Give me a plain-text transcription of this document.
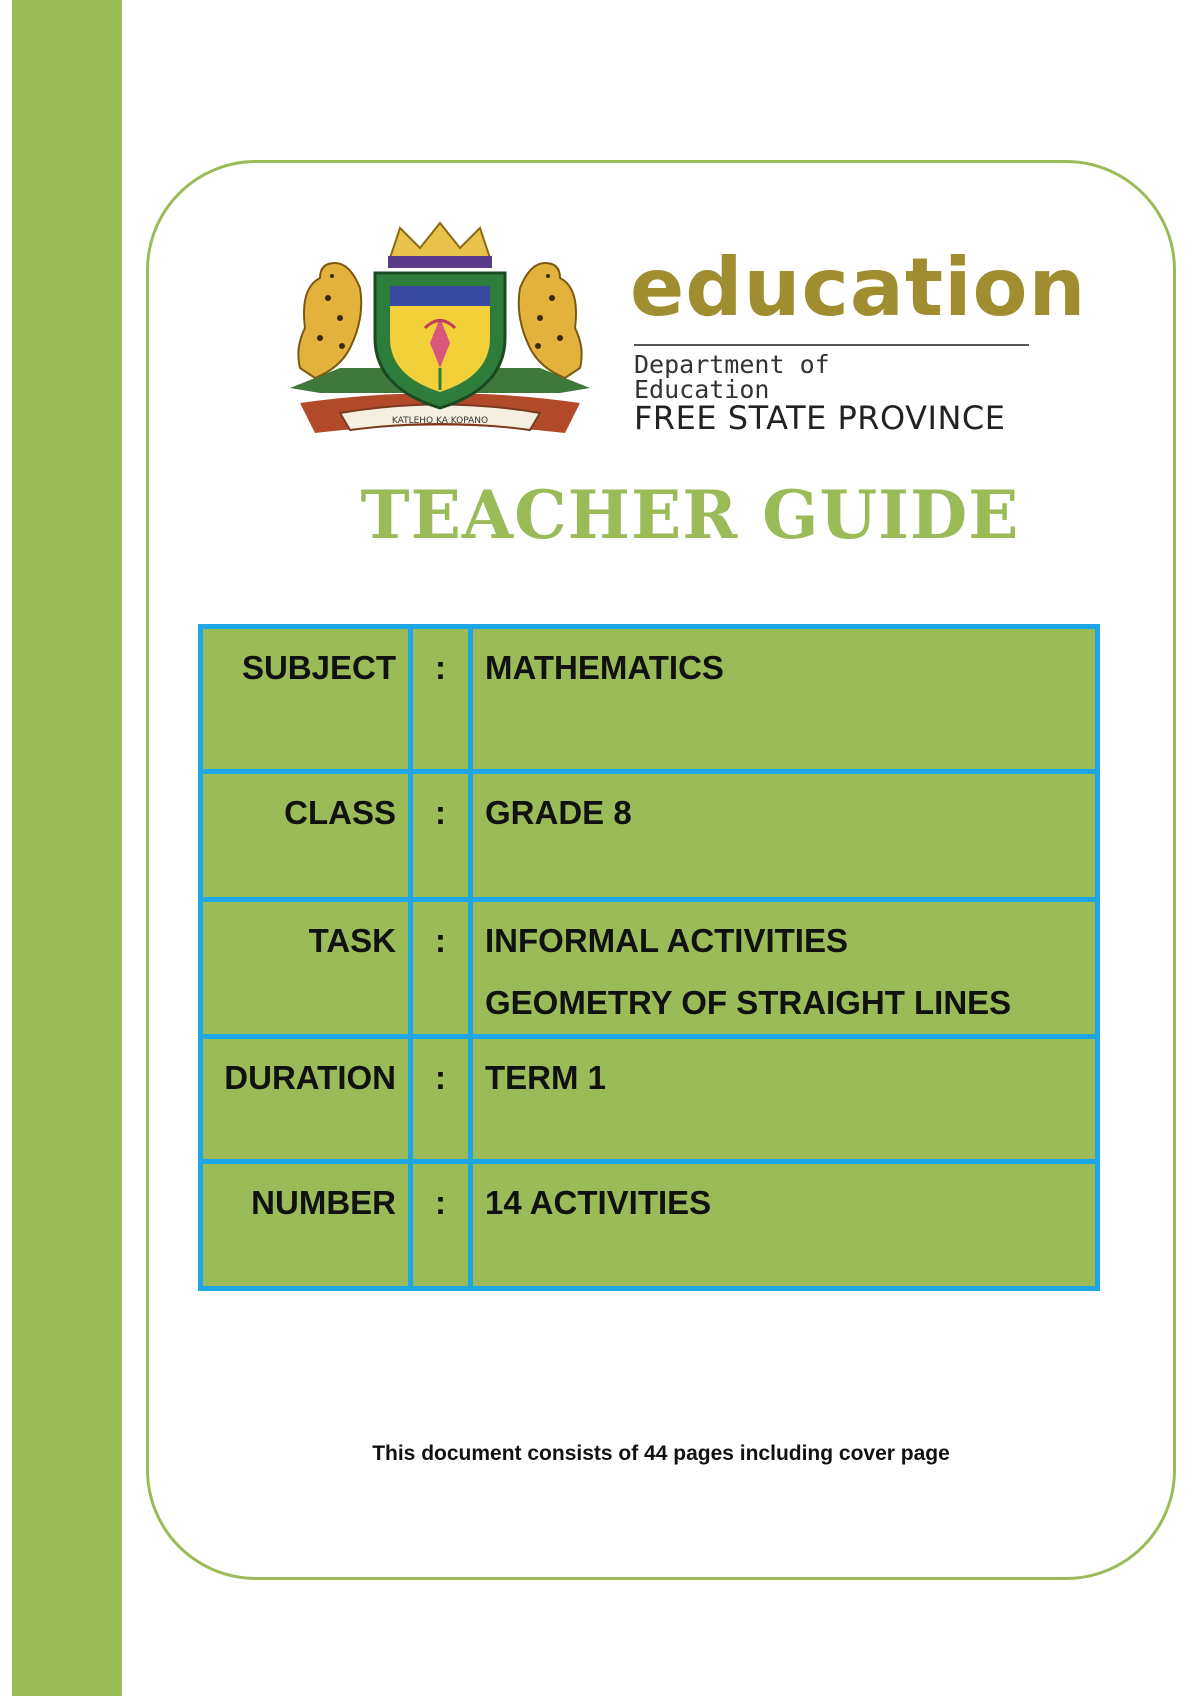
KATLEHO KA KOPANO
education
Department of
Education
FREE STATE PROVINCE
TEACHER GUIDE
SUBJECT	:	MATHEMATICS
CLASS	:	GRADE 8
TASK	:	INFORMAL ACTIVITIES
GEOMETRY OF STRAIGHT LINES

DURATION	:	TERM 1
NUMBER	:	14 ACTIVITIES
This document consists of 44 pages including cover page
